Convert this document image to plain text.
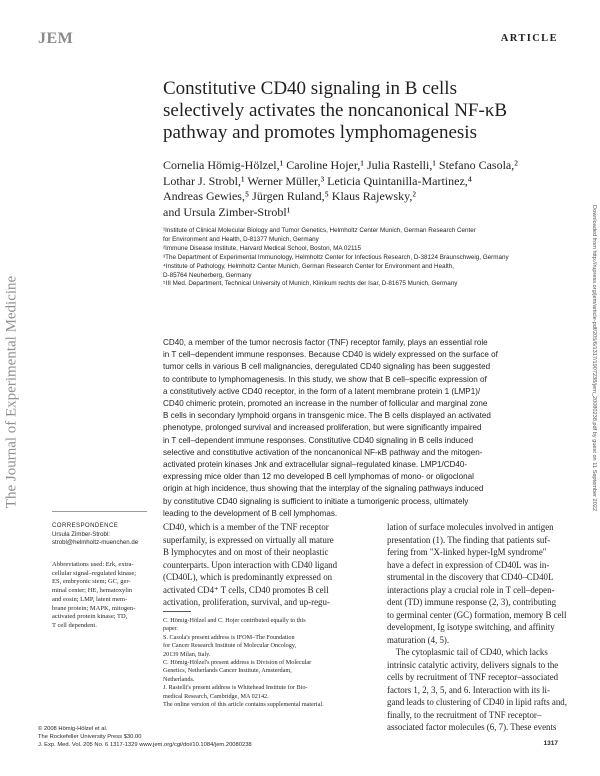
JEM	ARTICLE
The Journal of Experimental Medicine	Downloaded from http://rupress.org/jem/article-pdf/205/6/1317/1907238/jem_20080238.pdf by guest on 11 September 2022
Constitutive CD40 signaling in B cells
selectively activates the noncanonical NF-κB
pathway and promotes lymphomagenesis
Cornelia Hömig-Hölzel,¹ Caroline Hojer,¹ Julia Rastelli,¹ Stefano Casola,²
Lothar J. Strobl,¹ Werner Müller,³ Leticia Quintanilla-Martinez,⁴
Andreas Gewies,⁵ Jürgen Ruland,⁵ Klaus Rajewsky,²
and Ursula Zimber-Strobl¹
¹Institute of Clinical Molecular Biology and Tumor Genetics, Helmholtz Center Munich, German Research Center
for Environment and Health, D-81377 Munich, Germany
²Immune Disease Institute, Harvard Medical School, Boston, MA 02115
³The Department of Experimental Immunology, Helmholtz Center for Infectious Research, D-38124 Braunschweig, Germany
⁴Institute of Pathology, Helmholtz Center Munich, German Research Center for Environment and Health,
D-85764 Neuherberg, Germany
⁵III Med. Department, Technical University of Munich, Klinikum rechts der Isar, D-81675 Munich, Germany
CD40, a member of the tumor necrosis factor (TNF) receptor family, plays an essential role
in T cell–dependent immune responses. Because CD40 is widely expressed on the surface of
tumor cells in various B cell malignancies, deregulated CD40 signaling has been suggested
to contribute to lymphomagenesis. In this study, we show that B cell–specific expression of
a constitutively active CD40 receptor, in the form of a latent membrane protein 1 (LMP1)/
CD40 chimeric protein, promoted an increase in the number of follicular and marginal zone
B cells in secondary lymphoid organs in transgenic mice. The B cells displayed an activated
phenotype, prolonged survival and increased proliferation, but were significantly impaired
in T cell–dependent immune responses. Constitutive CD40 signaling in B cells induced
selective and constitutive activation of the noncanonical NF-κB pathway and the mitogen-
activated protein kinases Jnk and extracellular signal–regulated kinase. LMP1/CD40-
expressing mice older than 12 mo developed B cell lymphomas of mono- or oligoclonal
origin at high incidence, thus showing that the interplay of the signaling pathways induced
by constitutive CD40 signaling is sufficient to initiate a tumorigenic process, ultimately
leading to the development of B cell lymphomas.
CORRESPONDENCE
Ursula Zimber-Strobl:
strobl@helmholtz-muenchen.de
Abbreviations used: Erk, extra-
cellular signal–regulated kinase;
ES, embryonic stem; GC, ger-
minal center; HE, hematoxylin
and eosin; LMP, latent mem-
brane protein; MAPK, mitogen-
activated protein kinase; TD,
T cell dependent.
CD40, which is a member of the TNF receptor
superfamily, is expressed on virtually all mature
B lymphocytes and on most of their neoplastic
counterparts. Upon interaction with CD40 ligand
(CD40L), which is predominantly expressed on
activated CD4⁺ T cells, CD40 promotes B cell
activation, proliferation, survival, and up-regu-
C. Hömig-Hölzel and C. Hojer contributed equally to this
paper.
S. Casola's present address is IFOM–The Foundation
for Cancer Research Institute of Molecular Oncology,
20139 Milan, Italy.
C. Hömig-Hölzel's present address is Division of Molecular
Genetics, Netherlands Cancer Institute, Amsterdam,
Netherlands.
J. Rastelli's present address is Whitehead Institute for Bio-
medical Research, Cambridge, MA 02142.
The online version of this article contains supplemental material.
lation of surface molecules involved in antigen
presentation (1). The finding that patients suf-
fering from "X-linked hyper-IgM syndrome"
have a defect in expression of CD40L was in-
strumental in the discovery that CD40–CD40L
interactions play a crucial role in T cell–depen-
dent (TD) immune response (2, 3), contributing
to germinal center (GC) formation, memory B cell
development, Ig isotype switching, and affinity
maturation (4, 5).
The cytoplasmic tail of CD40, which lacks
intrinsic catalytic activity, delivers signals to the
cells by recruitment of TNF receptor–associated
factors 1, 2, 3, 5, and 6. Interaction with its li-
gand leads to clustering of CD40 in lipid rafts and,
finally, to the recruitment of TNF receptor–
associated factor molecules (6, 7). These events
© 2008 Hömig-Hölzel et al.
The Rockefeller University Press $30.00
J. Exp. Med. Vol. 205 No. 6 1317-1329 www.jem.org/cgi/doi/10.1084/jem.20080238	1317
